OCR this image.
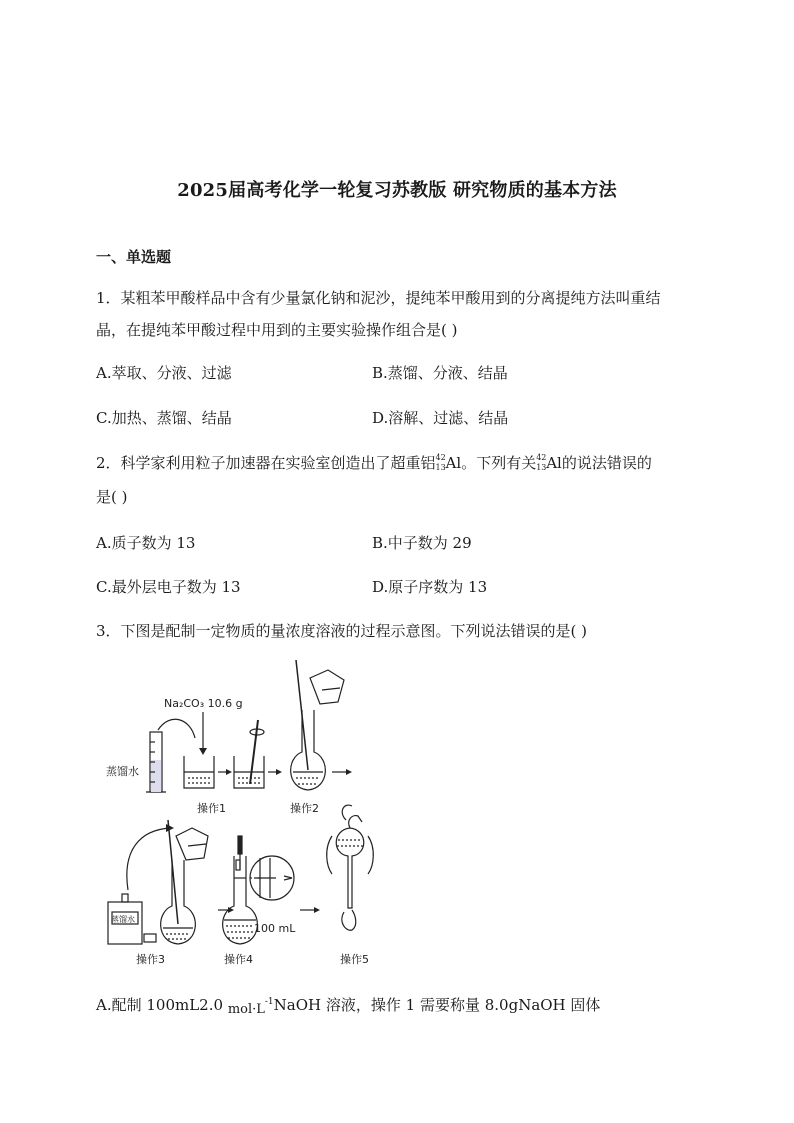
2025届高考化学一轮复习苏教版 研究物质的基本方法
一、单选题
1．某粗苯甲酸样品中含有少量氯化钠和泥沙，提纯苯甲酸用到的分离提纯方法叫重结
晶，在提纯苯甲酸过程中用到的主要实验操作组合是( )
A.萃取、分液、过滤	B.蒸馏、分液、结晶
C.加热、蒸馏、结晶	D.溶解、过滤、结晶
2．科学家利用粒子加速器在实验室创造出了超重铝 42
13 Al。下列有关 42
13 Al的说法错误的
是( )
A.质子数为 13	B.中子数为 29
C.最外层电子数为 13	D.原子序数为 13
3．下图是配制一定物质的量浓度溶液的过程示意图。下列说法错误的是( )
Na₂CO₃ 10.6 g
蒸馏水
操作1	操作2
蒸馏水
100 mL
操作3	操作4	操作5
A.配制 100mL2.0 $mol\cdot L^{-1}NaOH$ 溶液，操作 1 需要称量 8.0gNaOH 固体
